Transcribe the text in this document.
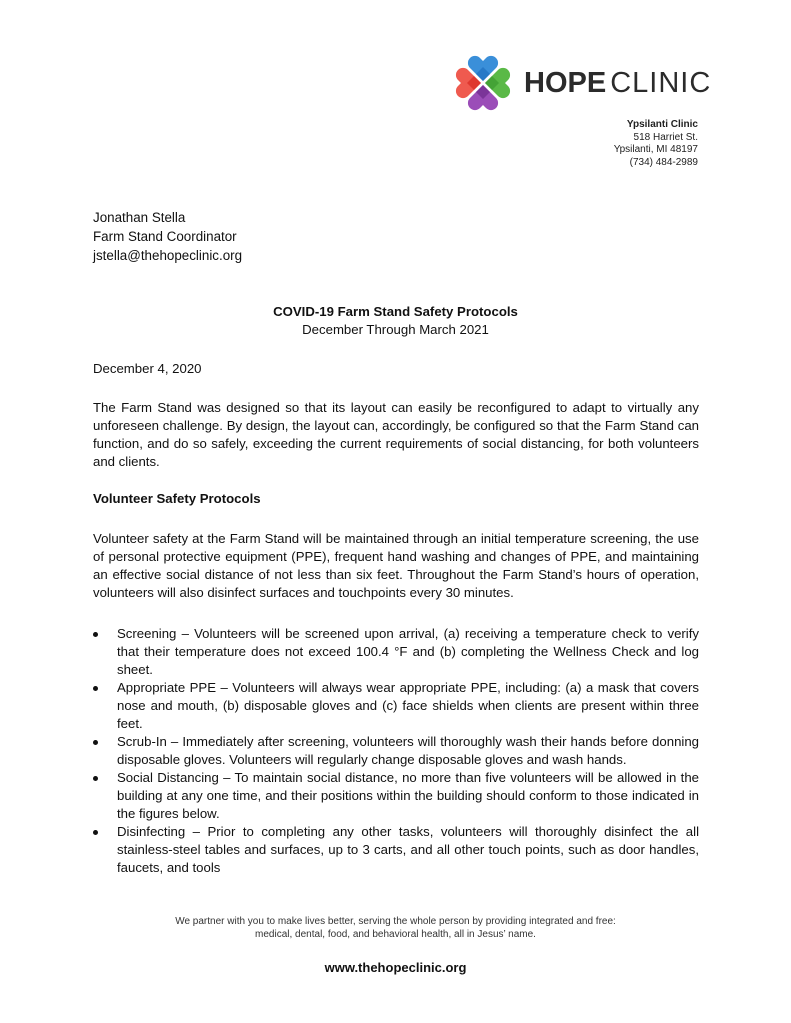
HOPE CLINIC
Ypsilanti Clinic
518 Harriet St.
Ypsilanti, MI 48197
(734) 484-2989
Jonathan Stella
Farm Stand Coordinator
jstella@thehopeclinic.org
COVID-19 Farm Stand Safety Protocols
December Through March 2021
December 4, 2020
The Farm Stand was designed so that its layout can easily be reconfigured to adapt to virtually any unforeseen challenge. By design, the layout can, accordingly, be configured so that the Farm Stand can function, and do so safely, exceeding the current requirements of social distancing, for both volunteers and clients.
Volunteer Safety Protocols
Volunteer safety at the Farm Stand will be maintained through an initial temperature screening, the use of personal protective equipment (PPE), frequent hand washing and changes of PPE, and maintaining an effective social distance of not less than six feet. Throughout the Farm Stand’s hours of operation, volunteers will also disinfect surfaces and touchpoints every 30 minutes.
Screening – Volunteers will be screened upon arrival, (a) receiving a temperature check to verify that their temperature does not exceed 100.4 °F and (b) completing the Wellness Check and log sheet.
Appropriate PPE – Volunteers will always wear appropriate PPE, including: (a) a mask that covers nose and mouth, (b) disposable gloves and (c) face shields when clients are present within three feet.
Scrub-In – Immediately after screening, volunteers will thoroughly wash their hands before donning disposable gloves. Volunteers will regularly change disposable gloves and wash hands.
Social Distancing – To maintain social distance, no more than five volunteers will be allowed in the building at any one time, and their positions within the building should conform to those indicated in the figures below.
Disinfecting – Prior to completing any other tasks, volunteers will thoroughly disinfect the all stainless-steel tables and surfaces, up to 3 carts, and all other touch points, such as door handles, faucets, and tools
We partner with you to make lives better, serving the whole person by providing integrated and free:
medical, dental, food, and behavioral health, all in Jesus’ name.
www.thehopeclinic.org
